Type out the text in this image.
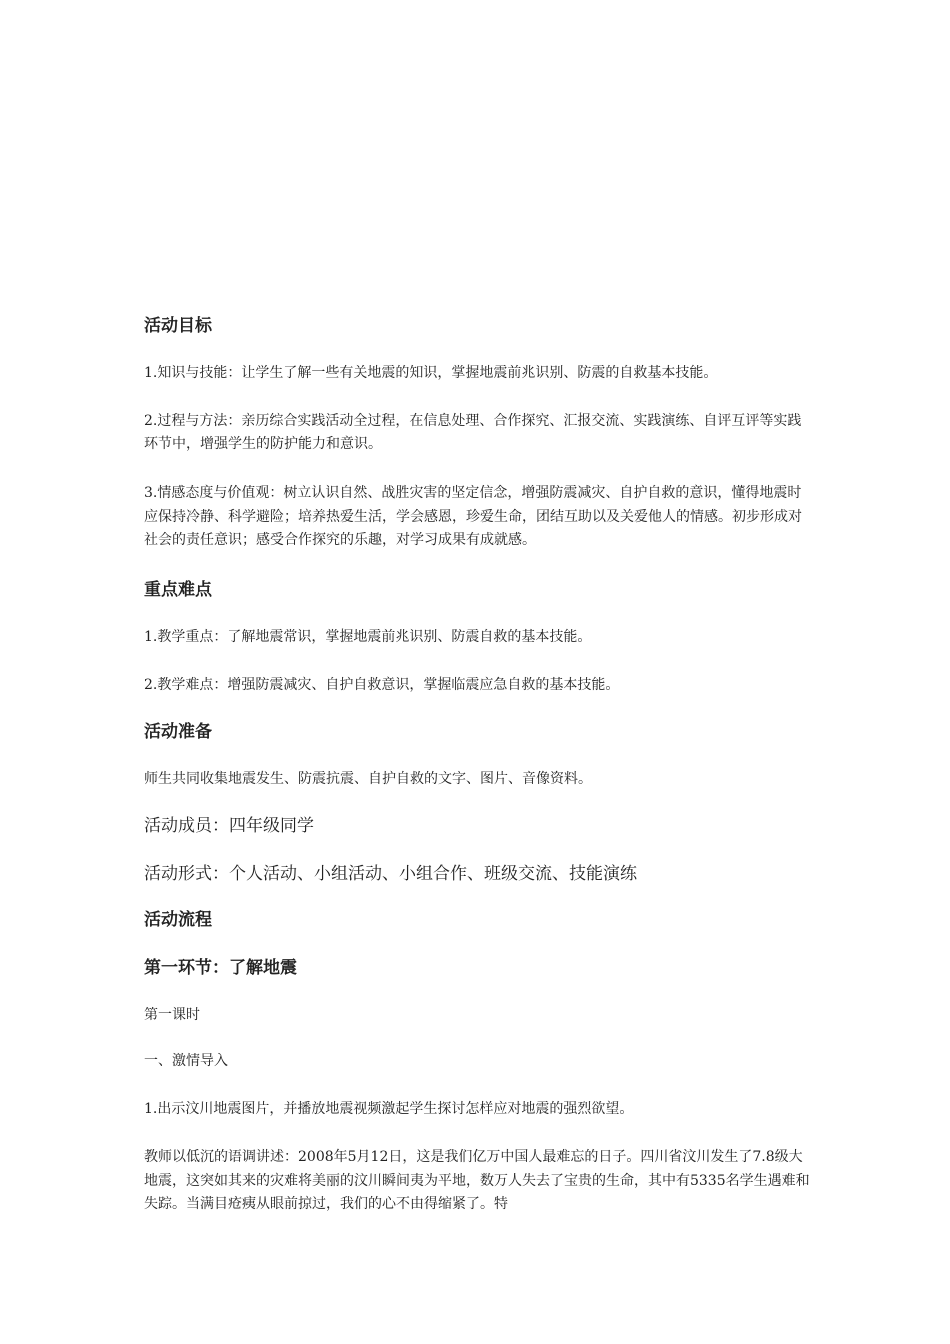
活动目标

1.知识与技能：让学生了解一些有关地震的知识，掌握地震前兆识别、防震的自救基本技能。

2.过程与方法：亲历综合实践活动全过程，在信息处理、合作探究、汇报交流、实践演练、自评互评等实践环节中，增强学生的防护能力和意识。

3.情感态度与价值观：树立认识自然、战胜灾害的坚定信念，增强防震减灾、自护自救的意识，懂得地震时应保持冷静、科学避险；培养热爱生活，学会感恩，珍爱生命，团结互助以及关爱他人的情感。初步形成对社会的责任意识；感受合作探究的乐趣，对学习成果有成就感。

重点难点

1.教学重点：了解地震常识，掌握地震前兆识别、防震自救的基本技能。

2.教学难点：增强防震减灾、自护自救意识，掌握临震应急自救的基本技能。

活动准备

师生共同收集地震发生、防震抗震、自护自救的文字、图片、音像资料。

活动成员：四年级同学

活动形式：个人活动、小组活动、小组合作、班级交流、技能演练

活动流程
第一环节：了解地震

第一课时

一、激情导入

1.出示汶川地震图片，并播放地震视频激起学生探讨怎样应对地震的强烈欲望。

教师以低沉的语调讲述：2008年5月12日，这是我们亿万中国人最难忘的日子。四川省汶川发生了7.8级大地震，这突如其来的灾难将美丽的汶川瞬间夷为平地，数万人失去了宝贵的生命，其中有5335名学生遇难和失踪。当满目疮痍从眼前掠过，我们的心不由得缩紧了。特
